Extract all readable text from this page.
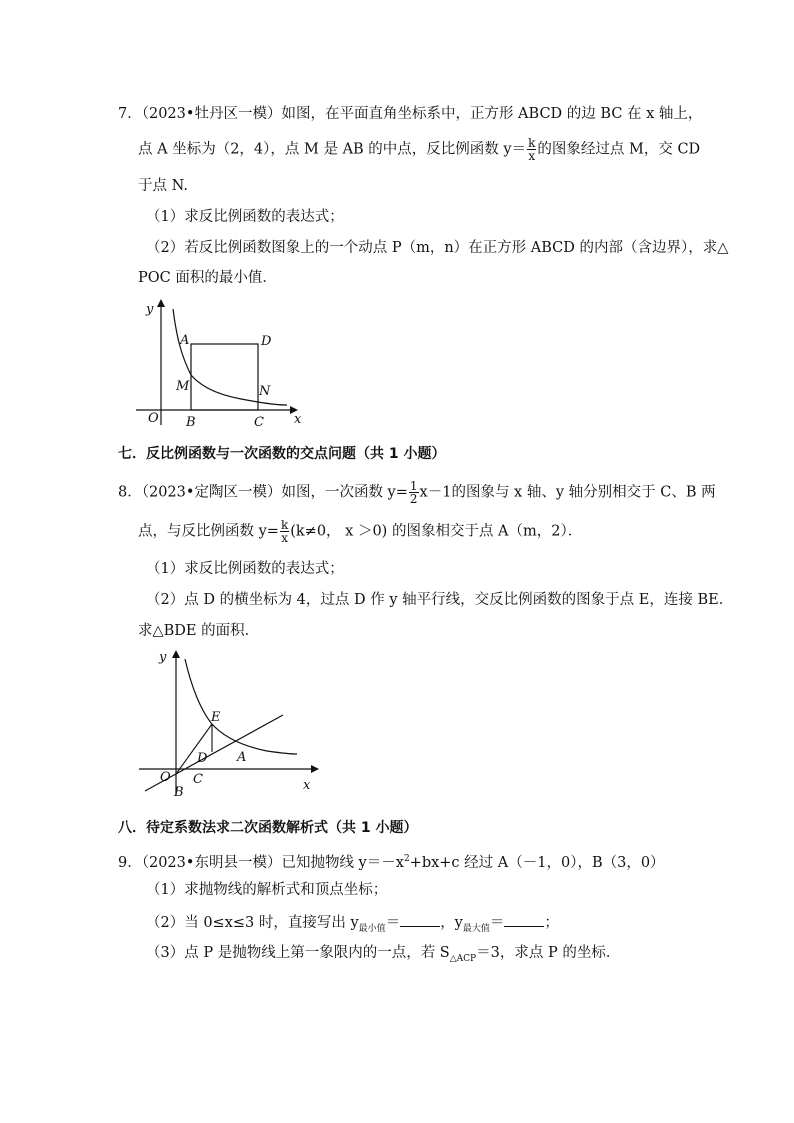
7．（2023•牡丹区一模）如图，在平面直角坐标系中，正方形 ABCD 的边 BC 在 x 轴上，
点 A 坐标为（2，4），点 M 是 AB 的中点，反比例函数 $y= \frac{k}{x}$ 的图象经过点 M，交 CD
于点 N.
（1）求反比例函数的表达式；
（2）若反比例函数图象上的一个动点 P（m，n）在正方形 ABCD 的内部（含边界），求△
POC 面积的最小值．
y
A	D
M	N
O B	C x
七．反比例函数与一次函数的交点问题（共 1 小题）
8．（2023•定陶区一模）如图，一次函数 $y= \frac{1}{2} x-1$的图象与 x 轴、y 轴分别相交于 C、B 两
点，与反比例函数 $y= \frac{k}{x} (k\ne 0$， x ＞0) 的图象相交于点 A（m，2）．
（1）求反比例函数的表达式；
（2）点 D 的横坐标为 4，过点 D 作 y 轴平行线，交反比例函数的图象于点 E，连接 BE．
求△BDE 的面积．
y
E
D A
O C
B	x
八．待定系数法求二次函数解析式（共 1 小题）
9．（2023•东明县一模）已知抛物线 $y=-x^2+bx+c$ 经过 A（－1，0），B（3，0）
（1）求抛物线的解析式和顶点坐标；
（2）当 0≤x≤3 时，直接写出 $y_{最小值}=$	，$y_{最大值}=$	；
（3）点 P 是抛物线上第一象限内的一点，若 $S_{\triangle ACP}=3$，求点 P 的坐标．
